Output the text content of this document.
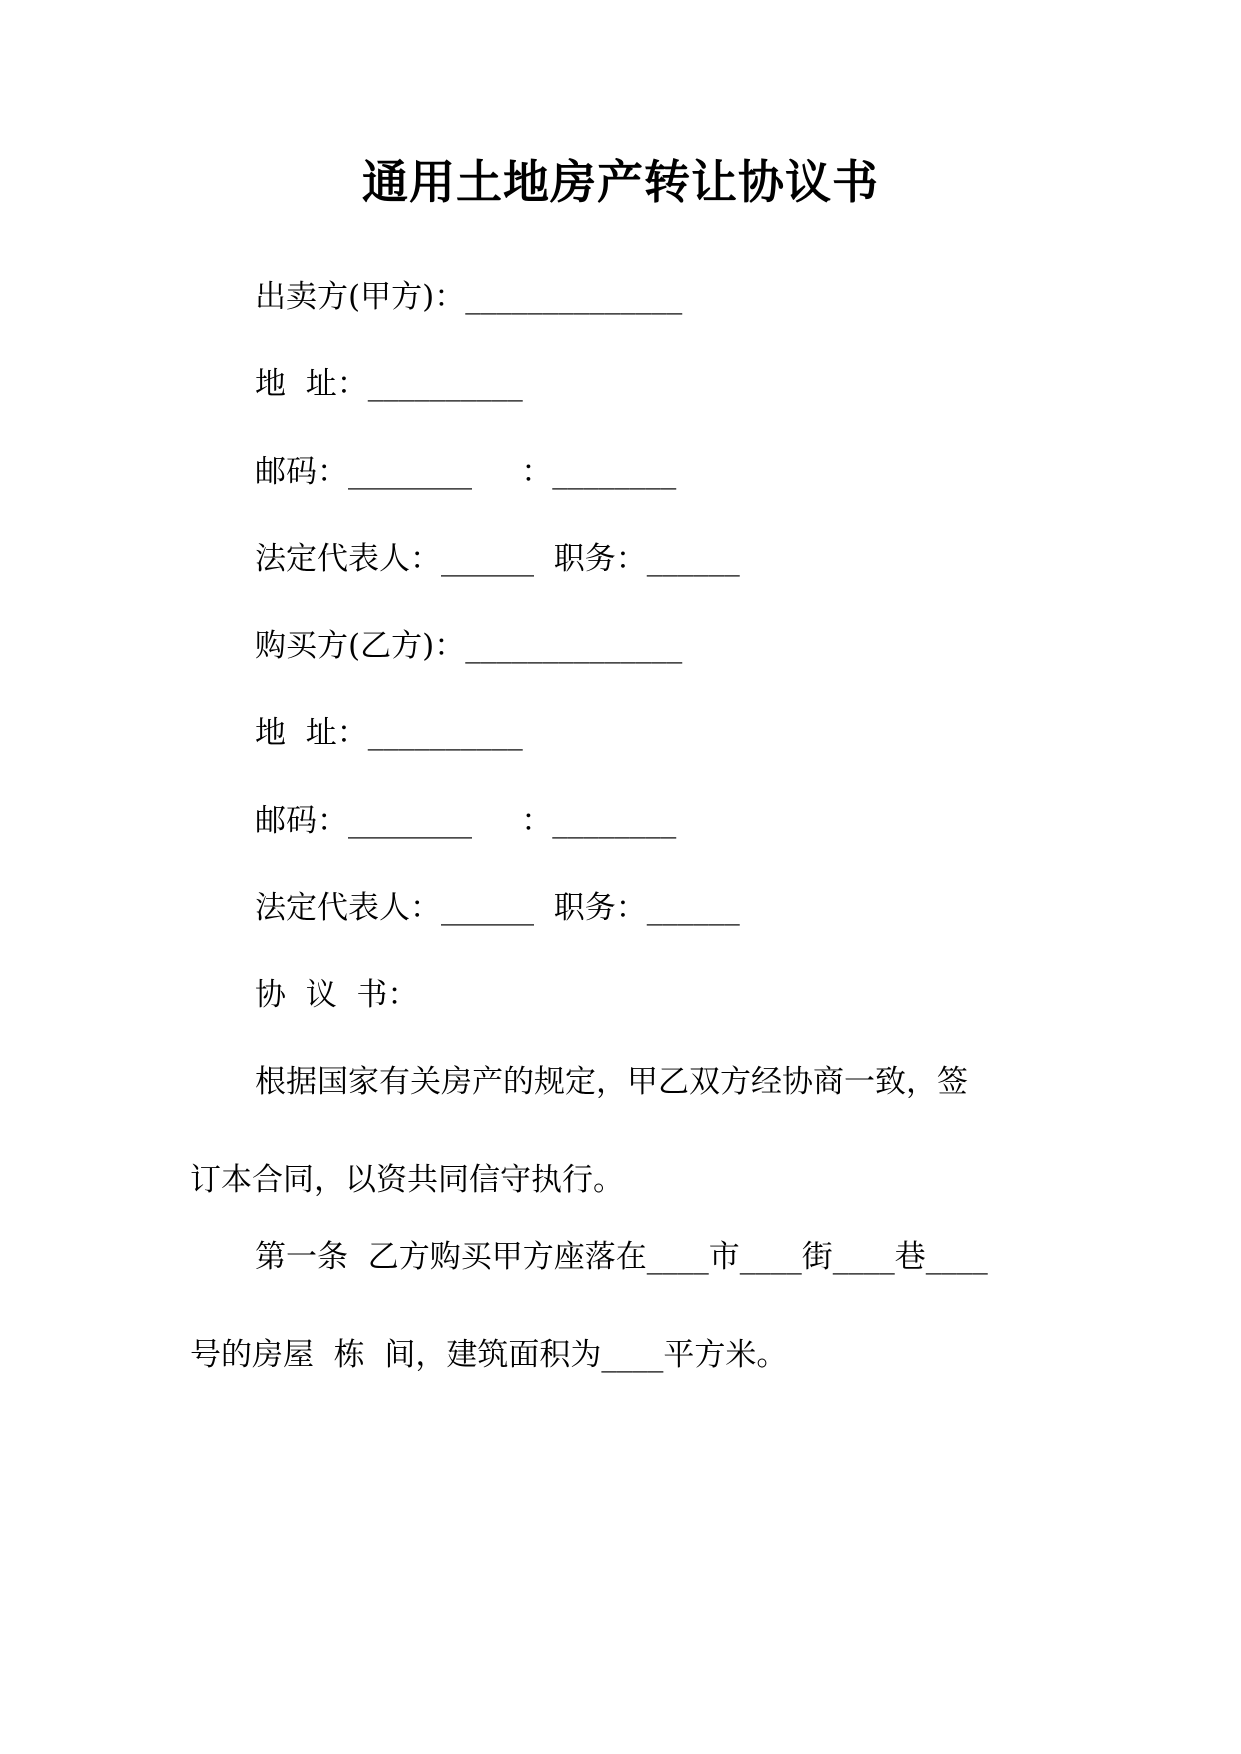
通用土地房产转让协议书

出卖方(甲方)：______________

地  址：__________

邮码：________     ：________

法定代表人：______  职务：______

购买方(乙方)：______________

地  址：__________

邮码：________     ：________

法定代表人：______  职务：______

协  议  书：

根据国家有关房产的规定，甲乙双方经协商一致，签
订本合同，以资共同信守执行。
第一条  乙方购买甲方座落在____市____街____巷____
号的房屋  栋  间，建筑面积为____平方米。
